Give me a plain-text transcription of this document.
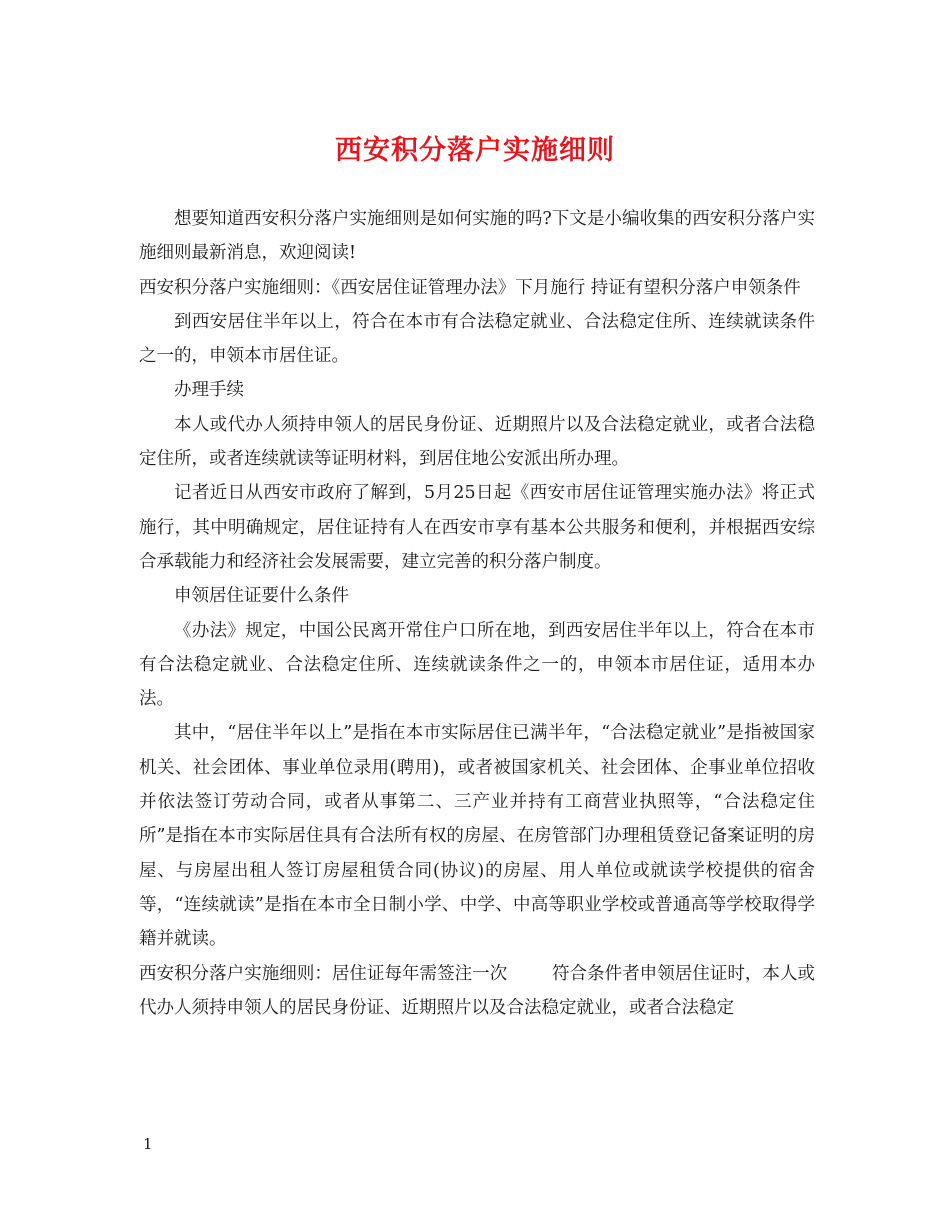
西安积分落户实施细则

想要知道西安积分落户实施细则是如何实施的吗?下文是小编收集的西安积分落户实施细则最新消息，欢迎阅读!

西安积分落户实施细则：《西安居住证管理办法》下月施行 持证有望积分落户申领条件

到西安居住半年以上，符合在本市有合法稳定就业、合法稳定住所、连续就读条件之一的，申领本市居住证。

办理手续

本人或代办人须持申领人的居民身份证、近期照片以及合法稳定就业，或者合法稳定住所，或者连续就读等证明材料，到居住地公安派出所办理。

记者近日从西安市政府了解到，5月25日起《西安市居住证管理实施办法》将正式施行，其中明确规定，居住证持有人在西安市享有基本公共服务和便利，并根据西安综合承载能力和经济社会发展需要，建立完善的积分落户制度。

申领居住证要什么条件

《办法》规定，中国公民离开常住户口所在地，到西安居住半年以上，符合在本市有合法稳定就业、合法稳定住所、连续就读条件之一的，申领本市居住证，适用本办法。

其中，“居住半年以上”是指在本市实际居住已满半年，“合法稳定就业”是指被国家机关、社会团体、事业单位录用(聘用)，或者被国家机关、社会团体、企事业单位招收并依法签订劳动合同，或者从事第二、三产业并持有工商营业执照等，“合法稳定住所”是指在本市实际居住具有合法所有权的房屋、在房管部门办理租赁登记备案证明的房屋、与房屋出租人签订房屋租赁合同(协议)的房屋、用人单位或就读学校提供的宿舍等，“连续就读”是指在本市全日制小学、中学、中高等职业学校或普通高等学校取得学籍并就读。

西安积分落户实施细则：居住证每年需签注一次        符合条件者申领居住证时，本人或代办人须持申领人的居民身份证、近期照片以及合法稳定就业，或者合法稳定

1
